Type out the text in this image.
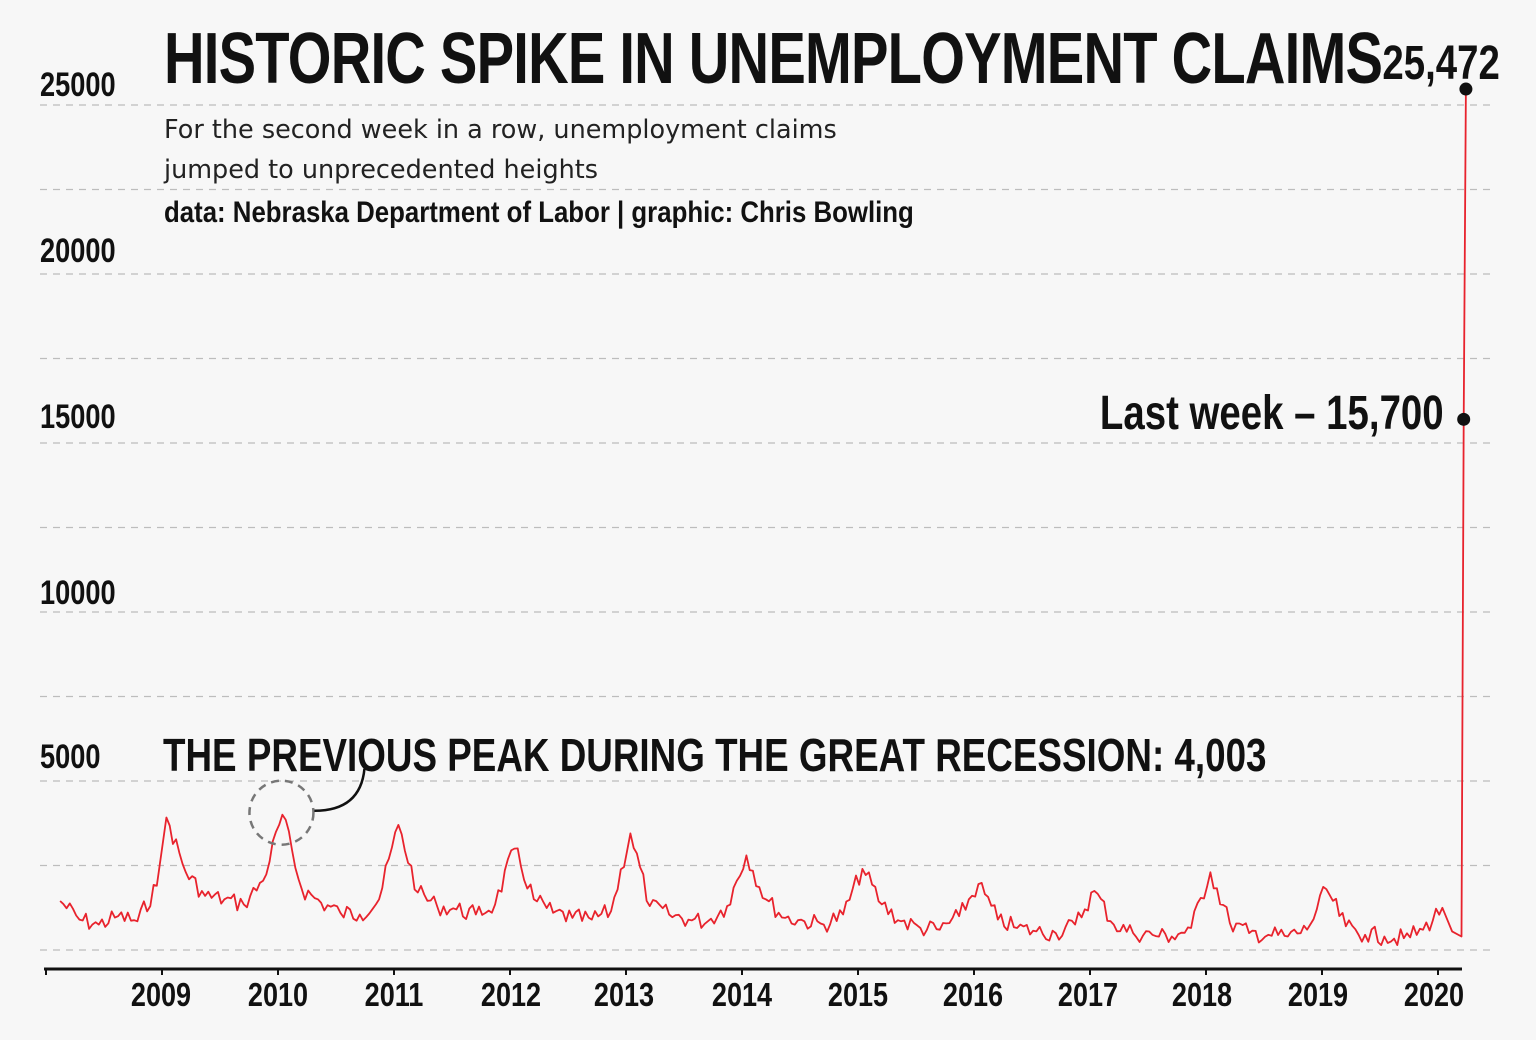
HISTORIC SPIKE IN UNEMPLOYMENT CLAIMS
For the second week in a row, unemployment claims jumped to unprecedented heights
data: Nebraska Department of Labor | graphic: Chris Bowling
25000
20000
15000
10000
5000
2009 2010 2011 2012 2013 2014 2015 2016 2017 2018 2019 2020
25,472
Last week – 15,700
THE PREVIOUS PEAK DURING THE GREAT RECESSION: 4,003
